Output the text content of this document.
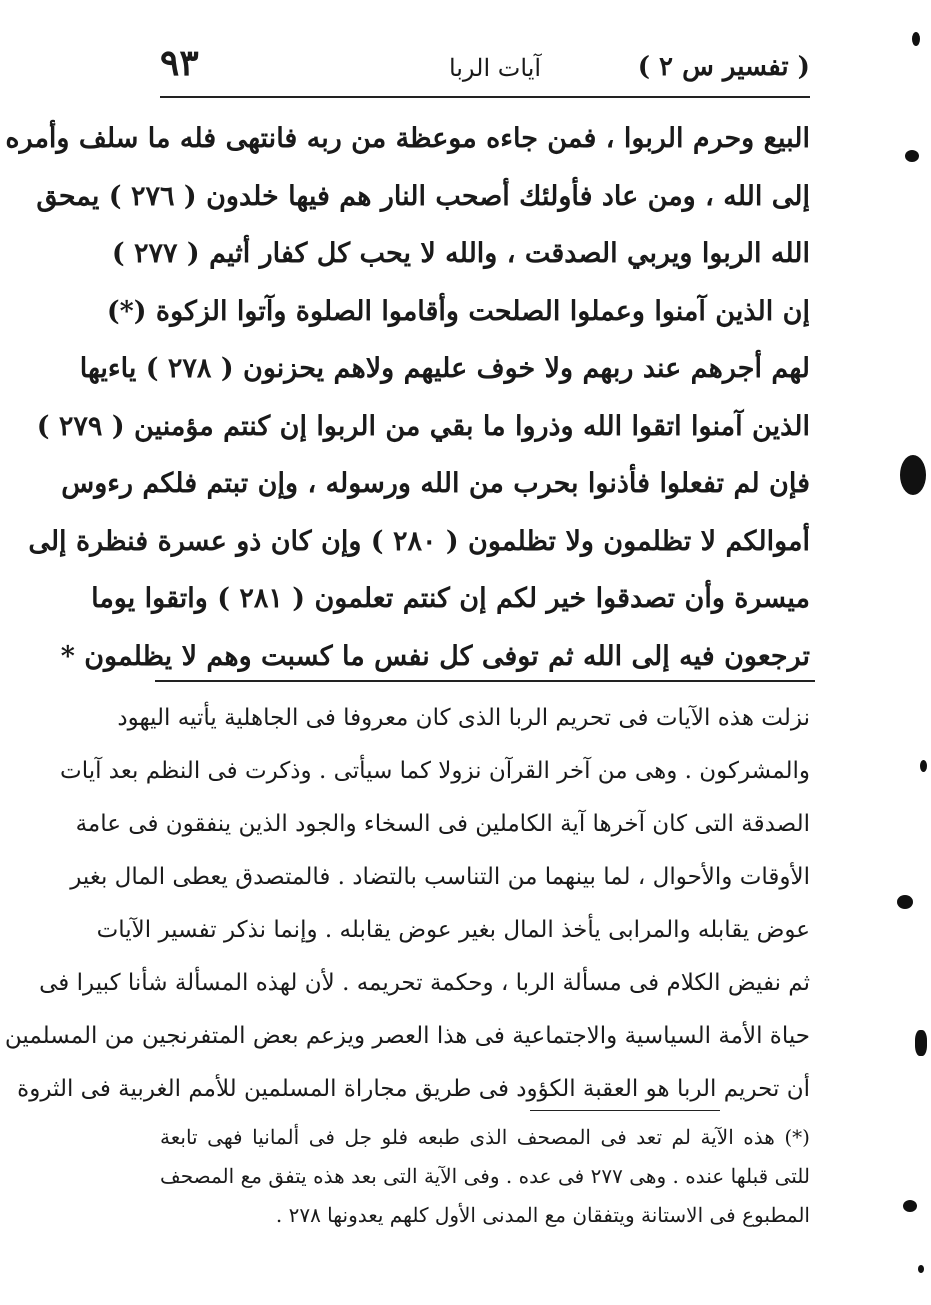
٩٣	آيات الربا	( تفسير س ٢ )
البيع وحرم الربوا ، فمن جاءه موعظة من ربه فانتهى فله ما سلف وأمره
إلى الله ، ومن عاد فأولئك أصحب النار هم فيها خلدون ( ٢٧٦ ) يمحق
الله الربوا ويربي الصدقت ، والله لا يحب كل كفار أثيم ( ٢٧٧ )
إن الذين آمنوا وعملوا الصلحت وأقاموا الصلوة وآتوا الزكوة (*)
لهم أجرهم عند ربهم ولا خوف عليهم ولاهم يحزنون ( ٢٧٨ ) ياءيها
الذين آمنوا اتقوا الله وذروا ما بقي من الربوا إن كنتم مؤمنين ( ٢٧٩ )
فإن لم تفعلوا فأذنوا بحرب من الله ورسوله ، وإن تبتم فلكم رءوس
أموالكم لا تظلمون ولا تظلمون ( ٢٨٠ ) وإن كان ذو عسرة فنظرة إلى
ميسرة وأن تصدقوا خير لكم إن كنتم تعلمون ( ٢٨١ ) واتقوا يوما
ترجعون فيه إلى الله ثم توفى كل نفس ما كسبت وهم لا يظلمون *
نزلت هذه الآيات فى تحريم الربا الذى كان معروفا فى الجاهلية يأتيه اليهود
والمشركون . وهى من آخر القرآن نزولا كما سيأتى . وذكرت فى النظم بعد آيات
الصدقة التى كان آخرها آية الكاملين فى السخاء والجود الذين ينفقون فى عامة
الأوقات والأحوال ، لما بينهما من التناسب بالتضاد . فالمتصدق يعطى المال بغير
عوض يقابله والمرابى يأخذ المال بغير عوض يقابله . وإنما نذكر تفسير الآيات
ثم نفيض الكلام فى مسألة الربا ، وحكمة تحريمه . لأن لهذه المسألة شأنا كبيرا فى
حياة الأمة السياسية والاجتماعية فى هذا العصر ويزعم بعض المتفرنجين من المسلمين
أن تحريم الربا هو العقبة الكؤود فى طريق مجاراة المسلمين للأمم الغربية فى الثروة
(*) هذه الآية لم تعد فى المصحف الذى طبعه فلو جل فى ألمانيا فهى تابعة
للتى قبلها عنده . وهى ٢٧٧ فى عده . وفى الآية التى بعد هذه يتفق مع المصحف
المطبوع فى الاستانة ويتفقان مع المدنى الأول كلهم يعدونها ٢٧٨ .
